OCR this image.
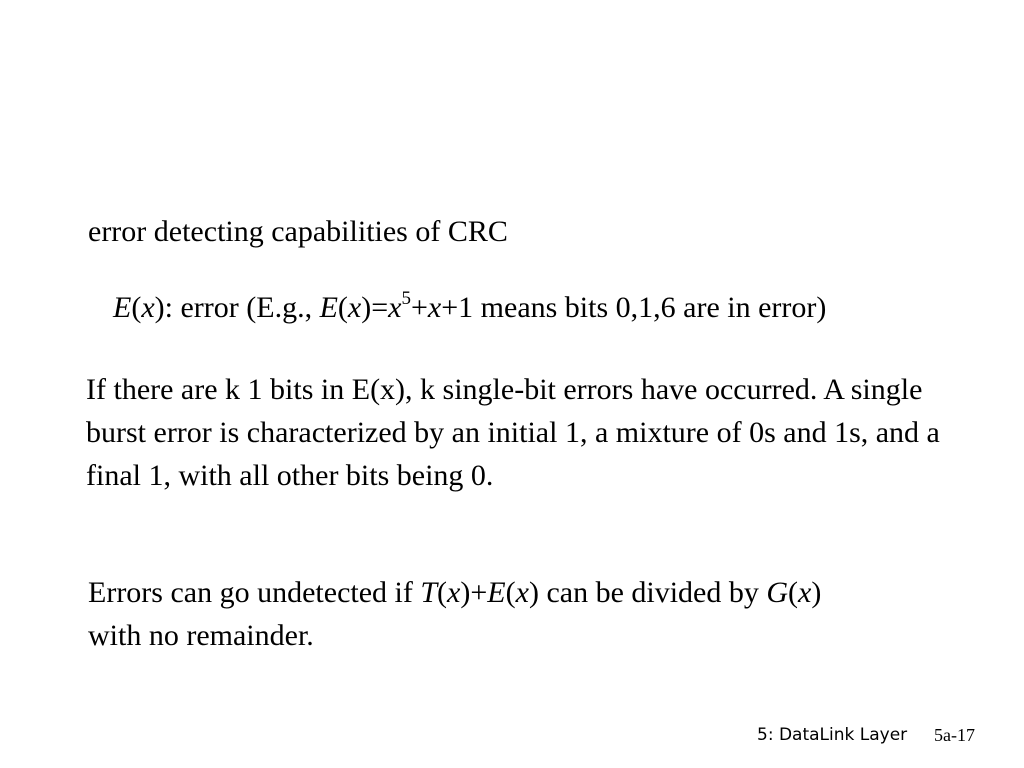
error detecting capabilities of CRC
E(x): error (E.g., $E(x)=x^5+x+1$ means bits 0,1,6 are in error)
If there are k 1 bits in E(x), k single-bit errors have occurred. A single burst error is characterized by an initial 1, a mixture of 0s and 1s, and a final 1, with all other bits being 0.
Errors can go undetected if T(x)+E(x) can be divided by G(x)
with no remainder.
5: DataLink Layer 5a-17
